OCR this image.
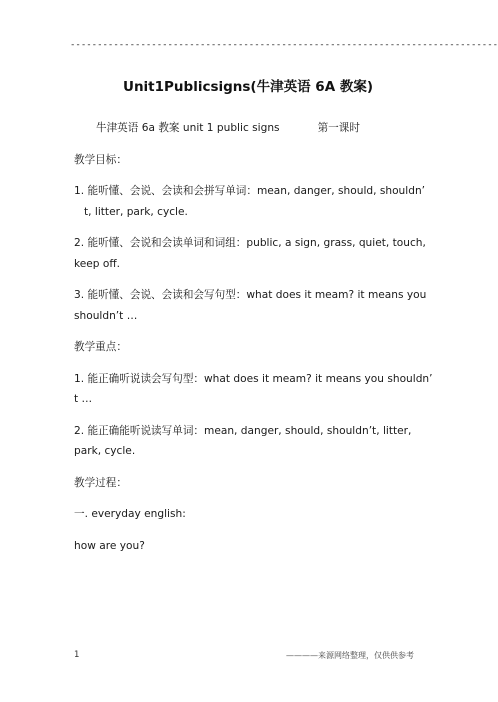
-------------------------------------------------------------------------------
Unit1Publicsigns(牛津英语 6A 教案)
牛津英语 6a 教案 unit 1 public signs	第一课时
教学目标：
1. 能听懂、会说、会读和会拼写单词：mean, danger, should, shouldn’
t, litter, park, cycle.
2. 能听懂、会说和会读单词和词组：public, a sign, grass, quiet, touch,
keep off.
3. 能听懂、会说、会读和会写句型：what does it meam? it means you
shouldn’t …
教学重点：
1. 能正确听说读会写句型：what does it meam? it means you shouldn’
t …
2. 能正确能听说读写单词：mean, danger, should, shouldn’t, litter,
park, cycle.
教学过程：
一. everyday english:
how are you?
1	————来源网络整理，仅供供参考
